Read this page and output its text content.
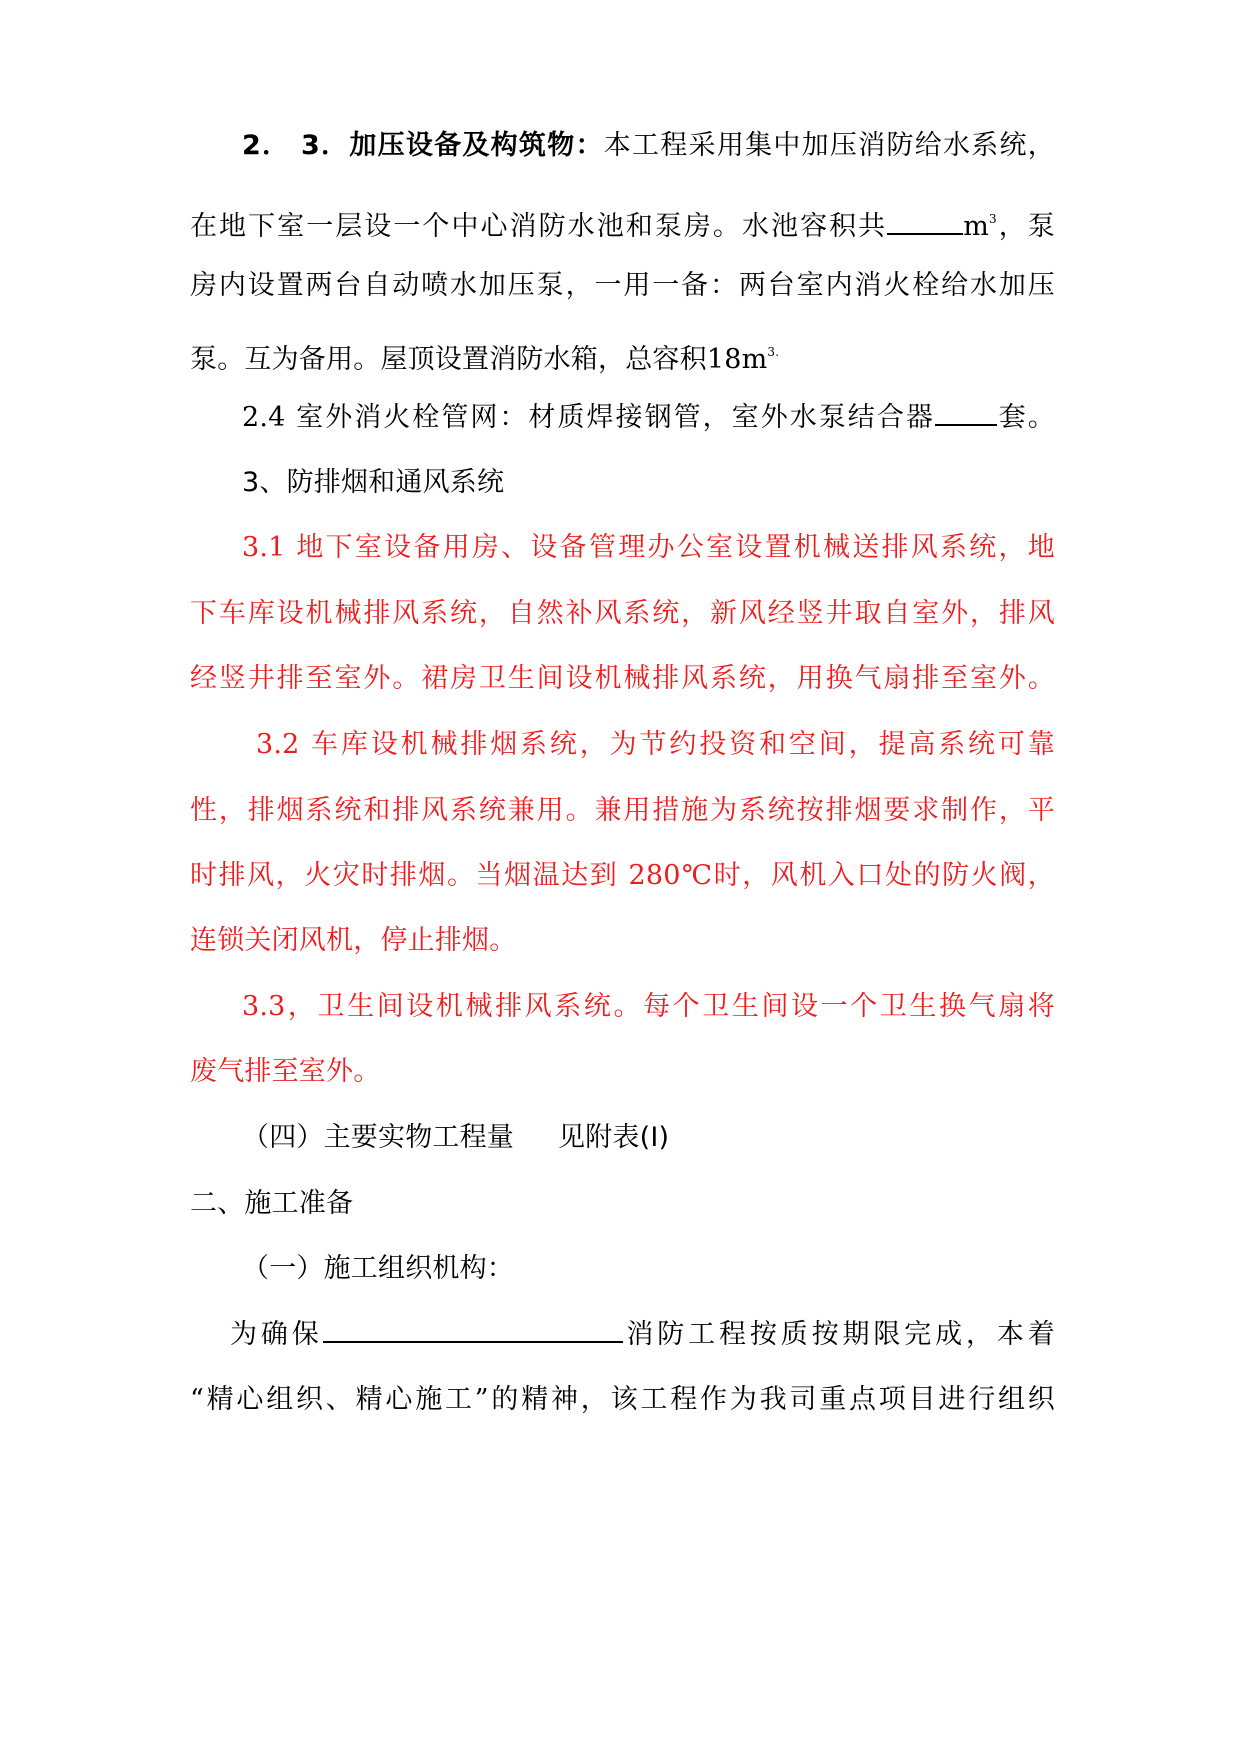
2． 3．加压设备及构筑物：本工程采用集中加压消防给水系统，
在地下室一层设一个中心消防水池和泵房。水池容积共	$m^3$，泵
房内设置两台自动喷水加压泵，一用一备：两台室内消火栓给水加压
泵。互为备用。屋顶设置消防水箱，总容积$18m^{3.}$
2.4 室外消火栓管网：材质焊接钢管，室外水泵结合器 套。
3、防排烟和通风系统
3.1 地下室设备用房、设备管理办公室设置机械送排风系统，地
下车库设机械排风系统，自然补风系统，新风经竖井取自室外，排风
经竖井排至室外。裙房卫生间设机械排风系统，用换气扇排至室外。
3.2 车库设机械排烟系统，为节约投资和空间，提高系统可靠
性，排烟系统和排风系统兼用。兼用措施为系统按排烟要求制作，平
时排风，火灾时排烟。当烟温达到 280℃时，风机入口处的防火阀，
连锁关闭风机，停止排烟。
3.3，卫生间设机械排风系统。每个卫生间设一个卫生换气扇将
废气排至室外。
（四）主要实物工程量 见附表(Ⅰ)
二、施工准备
（一）施工组织机构：
为确保	消防工程按质按期限完成，本着
“精心组织、精心施工”的精神，该工程作为我司重点项目进行组织
